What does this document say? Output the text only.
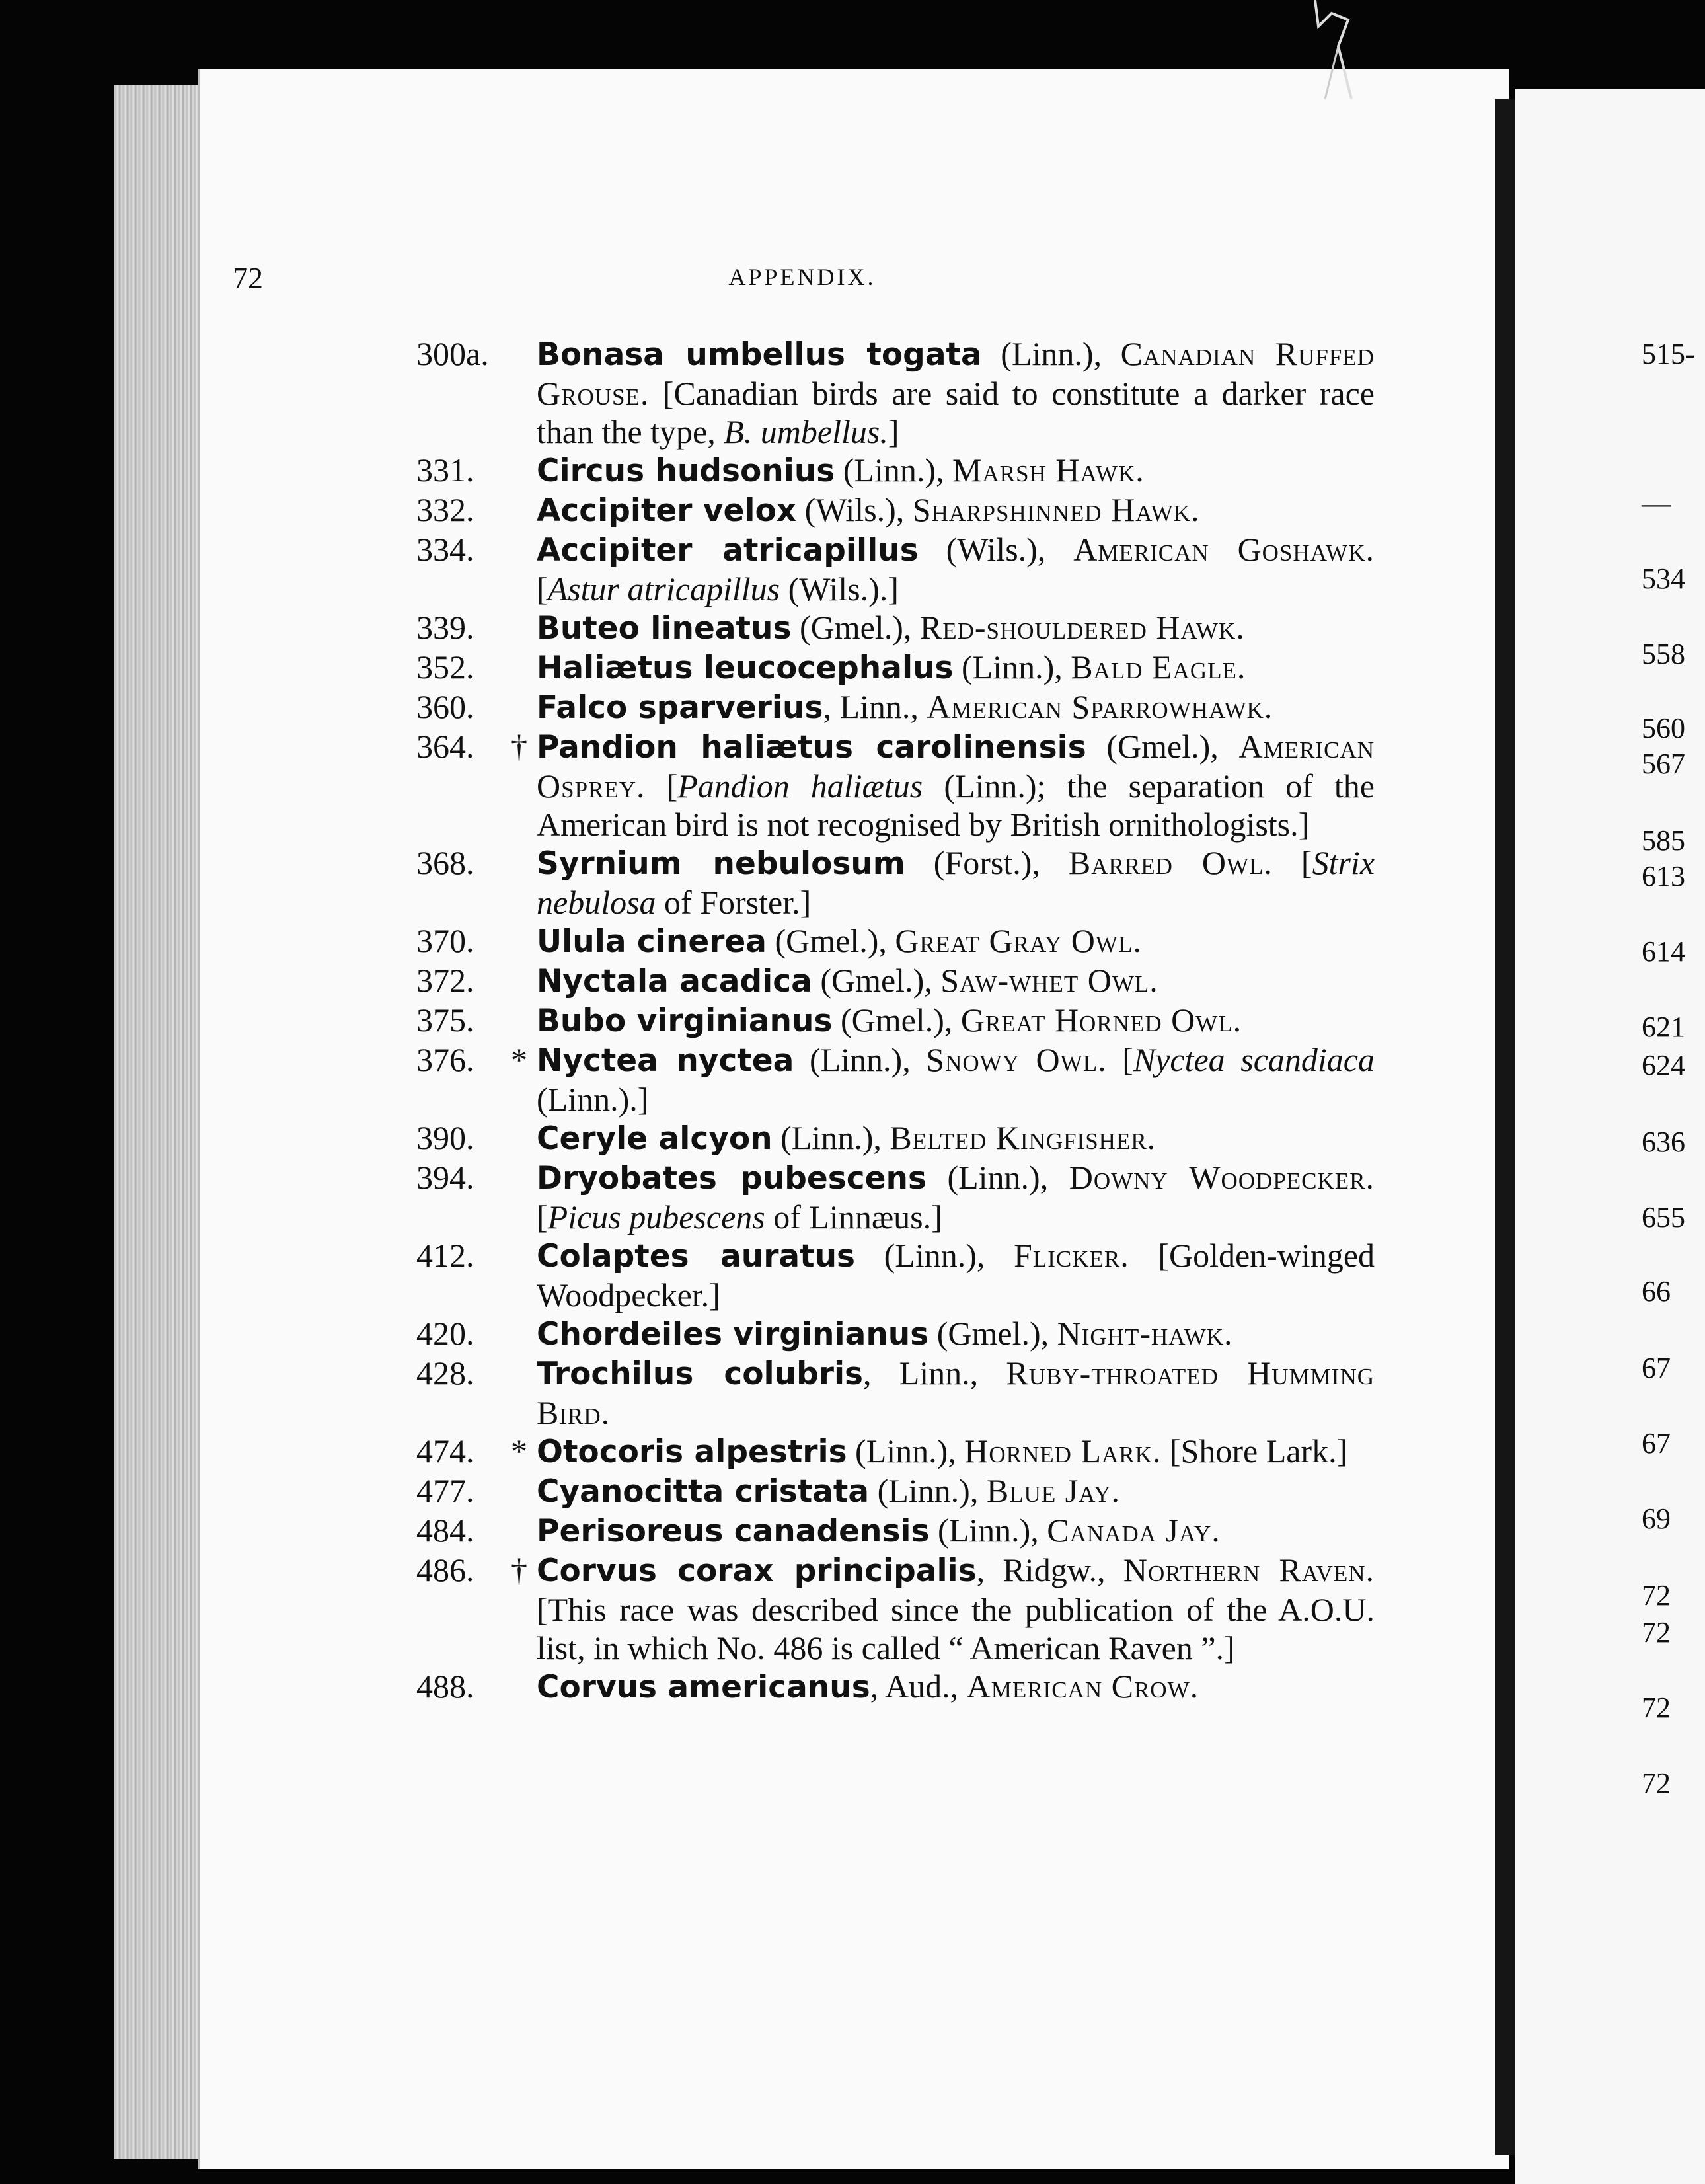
72	APPENDIX.
300a. Bonasa umbellus togata (Linn.), Canadian Ruffed Grouse. [Canadian birds are said to constitute a darker race than the type, B. umbellus.]
331. Circus hudsonius (Linn.), Marsh Hawk.
332. Accipiter velox (Wils.), Sharpshinned Hawk.
334. Accipiter atricapillus (Wils.), American Goshawk. [Astur atricapillus (Wils.).]
339. Buteo lineatus (Gmel.), Red-shouldered Hawk.
352. Haliætus leucocephalus (Linn.), Bald Eagle.
360. Falco sparverius, Linn., American Sparrowhawk.
364. † Pandion haliætus carolinensis (Gmel.), American Osprey. [Pandion haliætus (Linn.); the separation of the American bird is not recognised by British ornithologists.]
368. Syrnium nebulosum (Forst.), Barred Owl. [Strix nebulosa of Forster.]
370. Ulula cinerea (Gmel.), Great Gray Owl.
372. Nyctala acadica (Gmel.), Saw-whet Owl.
375. Bubo virginianus (Gmel.), Great Horned Owl.
376. * Nyctea nyctea (Linn.), Snowy Owl. [Nyctea scandiaca (Linn.).]
390. Ceryle alcyon (Linn.), Belted Kingfisher.
394. Dryobates pubescens (Linn.), Downy Woodpecker. [Picus pubescens of Linnæus.]
412. Colaptes auratus (Linn.), Flicker. [Golden-winged Woodpecker.]
420. Chordeiles virginianus (Gmel.), Night-hawk.
428. Trochilus colubris, Linn., Ruby-throated Humming Bird.
474. * Otocoris alpestris (Linn.), Horned Lark. [Shore Lark.]
477. Cyanocitta cristata (Linn.), Blue Jay.
484. Perisoreus canadensis (Linn.), Canada Jay.
486. † Corvus corax principalis, Ridgw., Northern Raven. [This race was described since the publication of the A.O.U. list, in which No. 486 is called “ American Raven ”.]
488. Corvus americanus, Aud., American Crow.
515-
—
534
558
560
567
585
613
614
621
624
636
655
66
67
67
69
72
72
72
72
